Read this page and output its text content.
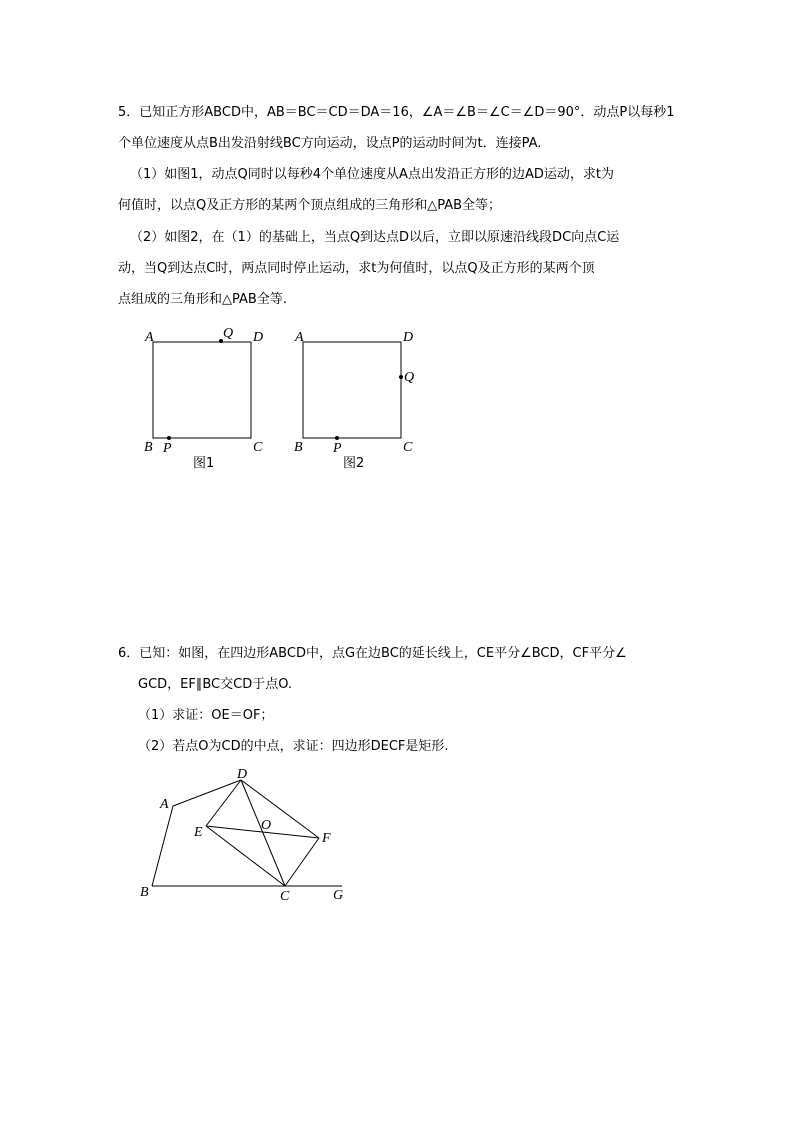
5．已知正方形ABCD中，AB＝BC＝CD＝DA＝16，∠A＝∠B＝∠C＝∠D＝90°．动点P以每秒1
个单位速度从点B出发沿射线BC方向运动，设点P的运动时间为t．连接PA.
（1）如图1，动点Q同时以每秒4个单位速度从A点出发沿正方形的边AD运动，求t为
何值时，以点Q及正方形的某两个顶点组成的三角形和△PAB全等；
（2）如图2，在（1）的基础上，当点Q到达点D以后，立即以原速沿线段DC向点C运
动，当Q到达点C时，两点同时停止运动，求t为何值时，以点Q及正方形的某两个顶
点组成的三角形和△PAB全等.
A	Q D
B P	C
图1
A	D
Q
B P	C
图2
6．已知：如图，在四边形ABCD中，点G在边BC的延长线上，CE平分∠BCD，CF平分∠
GCD，EF∥BC交CD于点O.
（1）求证：OE＝OF；
（2）若点O为CD的中点，求证：四边形DECF是矩形.
A
D
E	O
F
B	C	G
